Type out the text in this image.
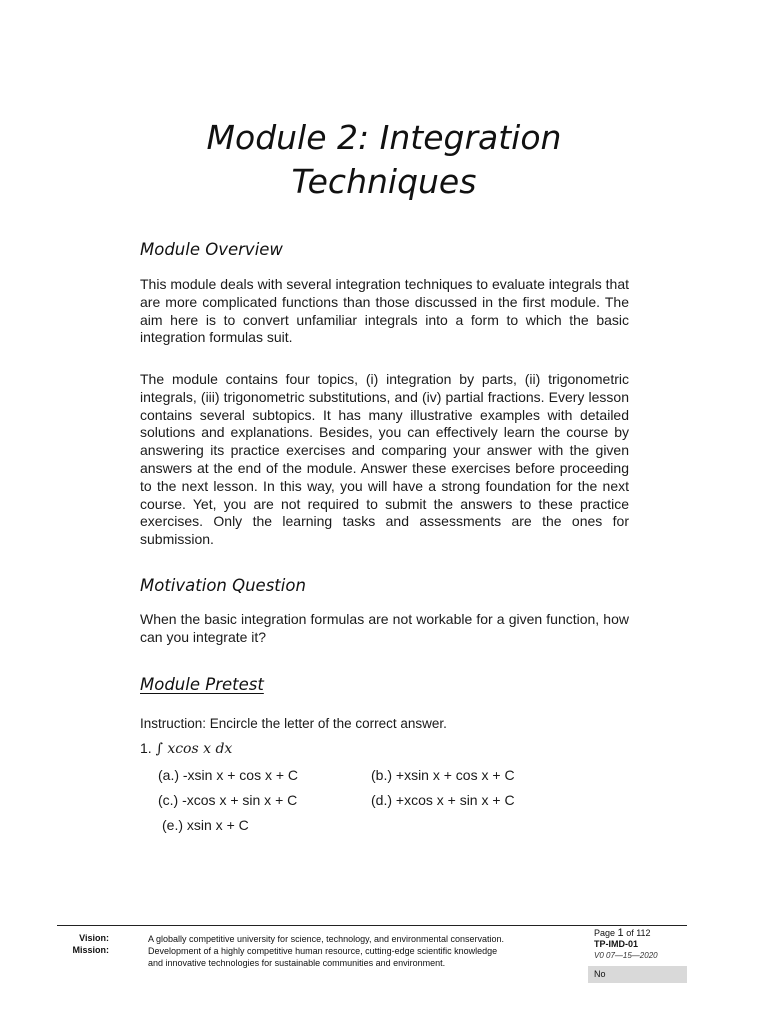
Module 2: Integration
Techniques
Module Overview

This module deals with several integration techniques to evaluate integrals that are more complicated functions than those discussed in the first module. The aim here is to convert unfamiliar integrals into a form to which the basic integration formulas suit.

The module contains four topics, (i) integration by parts, (ii) trigonometric integrals, (iii) trigonometric substitutions, and (iv) partial fractions. Every lesson contains several subtopics. It has many illustrative examples with detailed solutions and explanations. Besides, you can effectively learn the course by answering its practice exercises and comparing your answer with the given answers at the end of the module. Answer these exercises before proceeding to the next lesson. In this way, you will have a strong foundation for the next course. Yet, you are not required to submit the answers to these practice exercises. Only the learning tasks and assessments are the ones for submission.

Motivation Question

When the basic integration formulas are not workable for a given function, how can you integrate it?

Module Pretest
Instruction: Encircle the letter of the correct answer.
1. ∫ xcos x dx
(a.) -xsin x + cos x + C	(b.) +xsin x + cos x + C
(c.) -xcos x + sin x + C	(d.) +xcos x + sin x + C
(e.) xsin x + C
Vision:
Mission:
A globally competitive university for science, technology, and environmental conservation.
Development of a highly competitive human resource, cutting-edge scientific knowledge
and innovative technologies for sustainable communities and environment.
Page 1 of 112
TP-IMD-01
V0 07—15—2020
No
